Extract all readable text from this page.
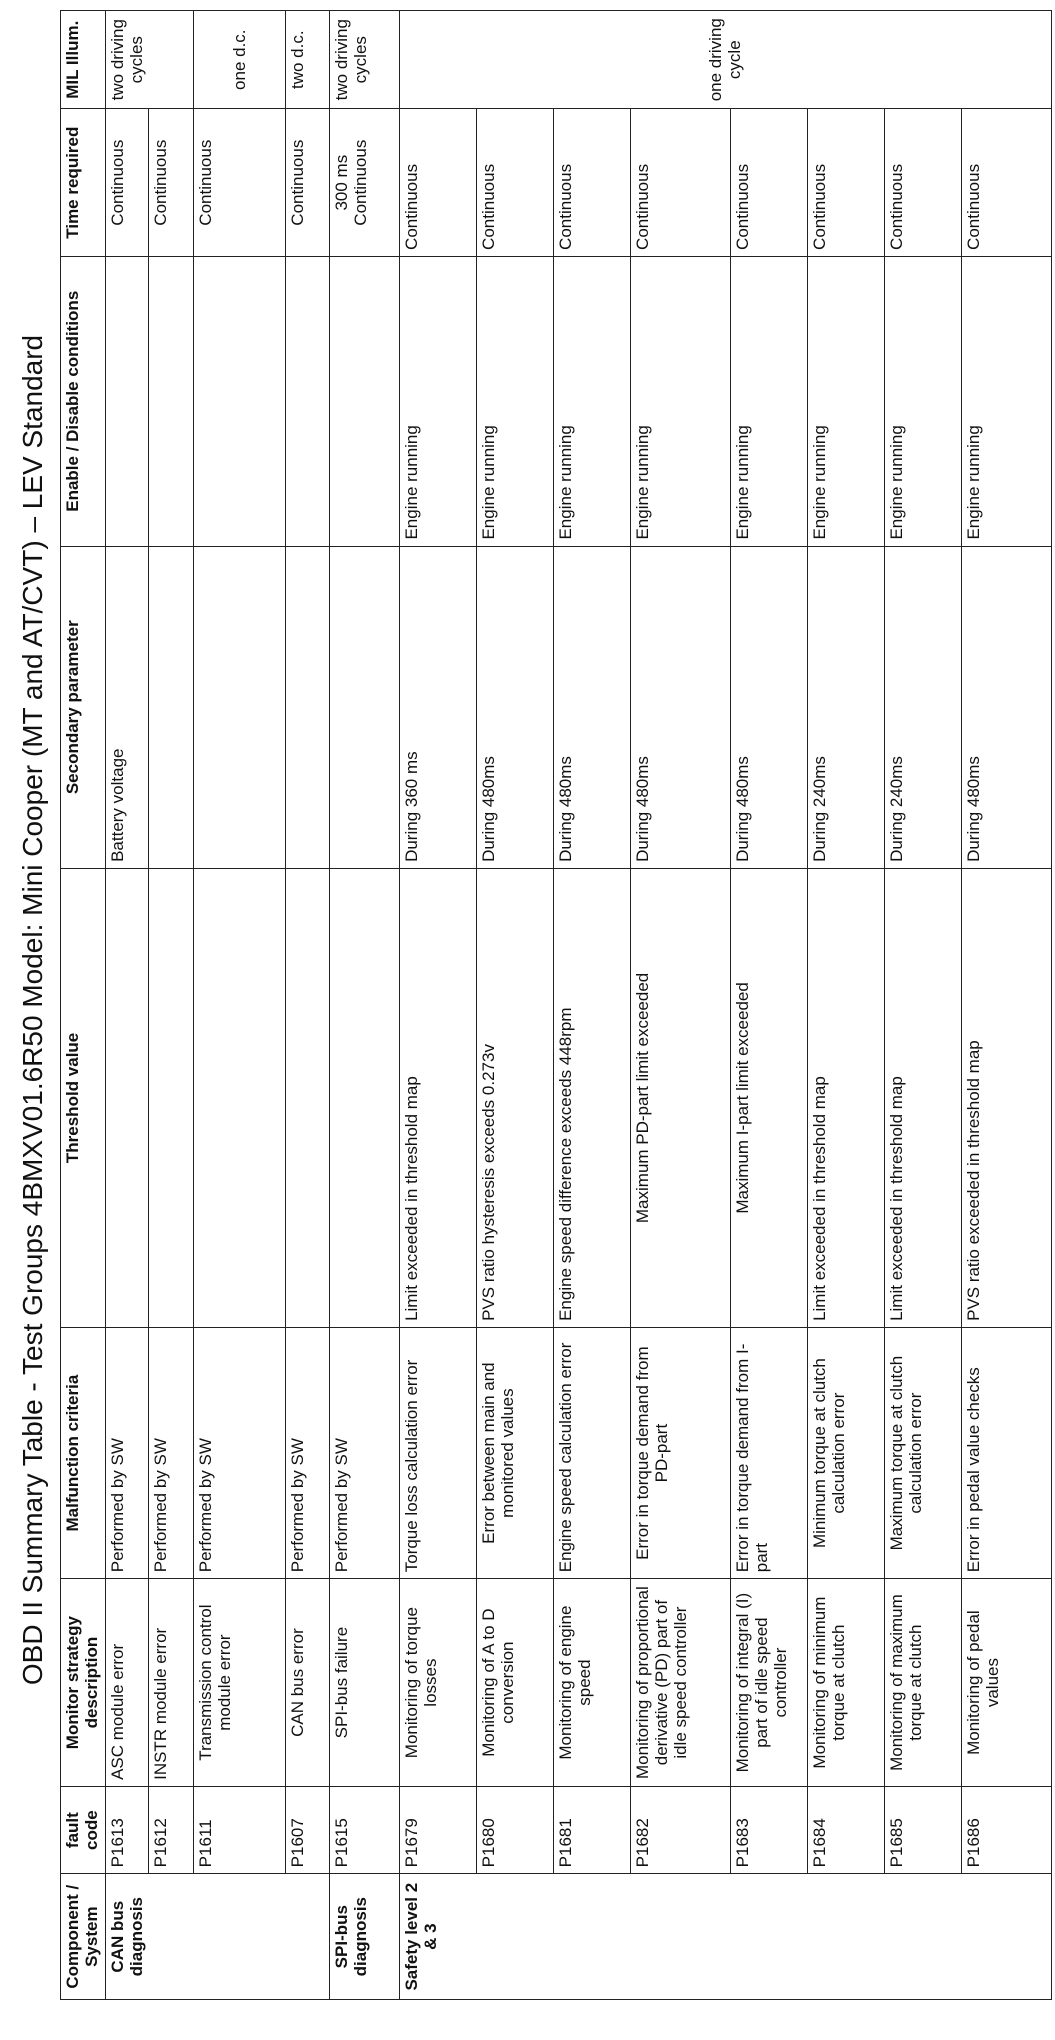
OBD II Summary Table - Test Groups 4BMXV01.6R50 Model: Mini Cooper (MT and AT/CVT) – LEV Standard
Component / System	fault code	Monitor strategy description	Malfunction criteria	Threshold value	Secondary parameter	Enable / Disable conditions	Time required	MIL Illum.
CAN bus diagnosis	P1613	ASC module error	Performed by SW		Battery voltage		Continuous	two driving cycles
	P1612	INSTR module error	Performed by SW				Continuous	
	P1611	Transmission control module error	Performed by SW				Continuous	one d.c.
	P1607	CAN bus error	Performed by SW				Continuous	two d.c.
SPI-bus diagnosis	P1615	SPI-bus failure	Performed by SW				300 ms Continuous	two driving cycles
Safety level 2 & 3	P1679	Monitoring of torque losses	Torque loss calculation error	Limit exceeded in threshold map	During 360 ms	Engine running	Continuous	one driving cycle
	P1680	Monitoring of A to D conversion	Error between main and monitored values	PVS ratio hysteresis exceeds 0.273v	During 480ms	Engine running	Continuous	
	P1681	Monitoring of engine speed	Engine speed calculation error	Engine speed difference exceeds 448rpm	During 480ms	Engine running	Continuous	
	P1682	Monitoring of proportional derivative (PD) part of idle speed controller	Error in torque demand from PD-part	Maximum PD-part limit exceeded	During 480ms	Engine running	Continuous	
	P1683	Monitoring of integral (I) part of idle speed controller	Error in torque demand from I-part	Maximum I-part limit exceeded	During 480ms	Engine running	Continuous	
	P1684	Monitoring of minimum torque at clutch	Minimum torque at clutch calculation error	Limit exceeded in threshold map	During 240ms	Engine running	Continuous	
	P1685	Monitoring of maximum torque at clutch	Maximum torque at clutch calculation error	Limit exceeded in threshold map	During 240ms	Engine running	Continuous	
	P1686	Monitoring of pedal values	Error in pedal value checks	PVS ratio exceeded in threshold map	During 480ms	Engine running	Continuous	
